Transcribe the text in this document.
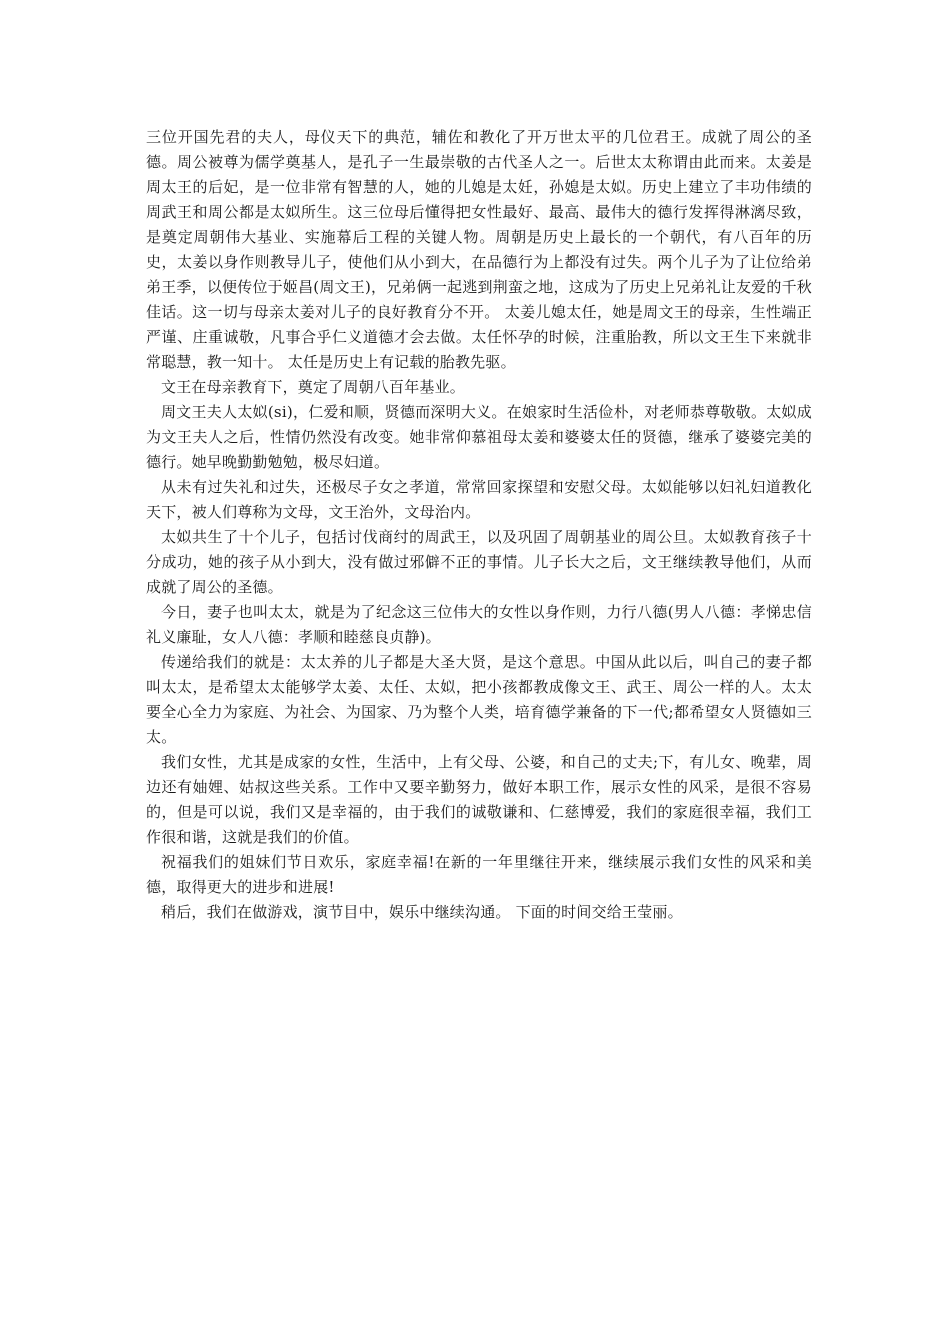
三位开国先君的夫人，母仪天下的典范，辅佐和教化了开万世太平的几位君王。成就了周公的圣德。周公被尊为儒学奠基人，是孔子一生最崇敬的古代圣人之一。后世太太称谓由此而来。太姜是周太王的后妃，是一位非常有智慧的人，她的儿媳是太妊，孙媳是太姒。历史上建立了丰功伟绩的周武王和周公都是太姒所生。这三位母后懂得把女性最好、最高、最伟大的德行发挥得淋漓尽致，是奠定周朝伟大基业、实施幕后工程的关键人物。周朝是历史上最长的一个朝代，有八百年的历史，太姜以身作则教导儿子，使他们从小到大，在品德行为上都没有过失。两个儿子为了让位给弟弟王季，以便传位于姬昌(周文王)，兄弟俩一起逃到荆蛮之地，这成为了历史上兄弟礼让友爱的千秋佳话。这一切与母亲太姜对儿子的良好教育分不开。 太姜儿媳太任，她是周文王的母亲，生性端正严谨、庄重诚敬，凡事合乎仁义道德才会去做。太任怀孕的时候，注重胎教，所以文王生下来就非常聪慧，教一知十。 太任是历史上有记载的胎教先驱。

文王在母亲教育下，奠定了周朝八百年基业。

周文王夫人太姒(si)，仁爱和顺，贤德而深明大义。在娘家时生活俭朴，对老师恭尊敬敬。太姒成为文王夫人之后，性情仍然没有改变。她非常仰慕祖母太姜和婆婆太任的贤德，继承了婆婆完美的德行。她早晚勤勤勉勉，极尽妇道。

从未有过失礼和过失，还极尽子女之孝道，常常回家探望和安慰父母。太姒能够以妇礼妇道教化天下，被人们尊称为文母，文王治外，文母治内。

太姒共生了十个儿子，包括讨伐商纣的周武王，以及巩固了周朝基业的周公旦。太姒教育孩子十分成功，她的孩子从小到大，没有做过邪僻不正的事情。儿子长大之后，文王继续教导他们，从而成就了周公的圣德。

今日，妻子也叫太太，就是为了纪念这三位伟大的女性以身作则，力行八德(男人八德：孝悌忠信礼义廉耻，女人八德：孝顺和睦慈良贞静)。

传递给我们的就是：太太养的儿子都是大圣大贤，是这个意思。中国从此以后，叫自己的妻子都叫太太，是希望太太能够学太姜、太任、太姒，把小孩都教成像文王、武王、周公一样的人。太太要全心全力为家庭、为社会、为国家、乃为整个人类，培育德学兼备的下一代;都希望女人贤德如三太。

我们女性，尤其是成家的女性，生活中，上有父母、公婆，和自己的丈夫;下，有儿女、晚辈，周边还有妯娌、姑叔这些关系。工作中又要辛勤努力，做好本职工作，展示女性的风采，是很不容易的，但是可以说，我们又是幸福的，由于我们的诚敬谦和、仁慈博爱，我们的家庭很幸福，我们工作很和谐，这就是我们的价值。

祝福我们的姐妹们节日欢乐，家庭幸福!在新的一年里继往开来，继续展示我们女性的风采和美德，取得更大的进步和进展!

稍后，我们在做游戏，演节目中，娱乐中继续沟通。 下面的时间交给王莹丽。
